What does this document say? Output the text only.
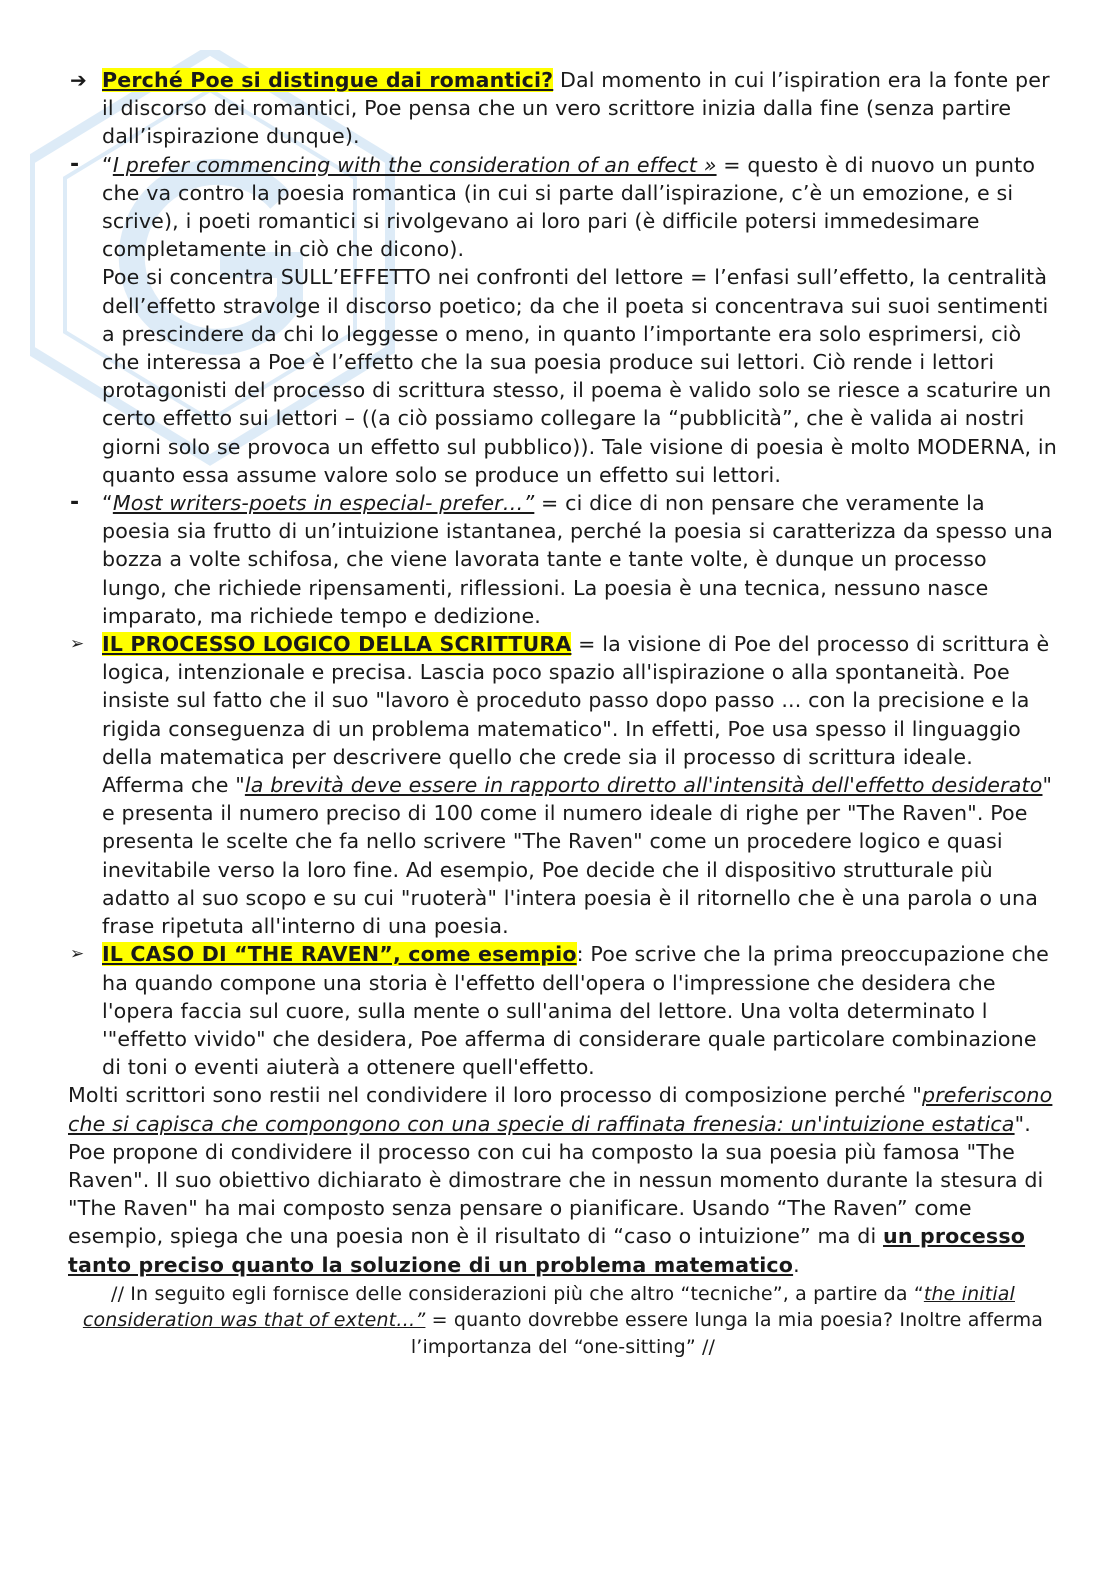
➔ Perché Poe si distingue dai romantici? Dal momento in cui l’ispiration era la fonte per il discorso dei romantici, Poe pensa che un vero scrittore inizia dalla fine (senza partire dall’ispirazione dunque).

-	“I prefer commencing with the consideration of an effect » = questo è di nuovo un punto che va contro la poesia romantica (in cui si parte dall’ispirazione, c’è un emozione, e si scrive), i poeti romantici si rivolgevano ai loro pari (è difficile potersi immedesimare completamente in ciò che dicono).

Poe si concentra SULL’EFFETTO nei confronti del lettore = l’enfasi sull’effetto, la centralità dell’effetto stravolge il discorso poetico; da che il poeta si concentrava sui suoi sentimenti a prescindere da chi lo leggesse o meno, in quanto l’importante era solo esprimersi, ciò che interessa a Poe è l’effetto che la sua poesia produce sui lettori. Ciò rende i lettori protagonisti del processo di scrittura stesso, il poema è valido solo se riesce a scaturire un certo effetto sui lettori – ((a ciò possiamo collegare la “pubblicità”, che è valida ai nostri giorni solo se provoca un effetto sul pubblico)). Tale visione di poesia è molto MODERNA, in quanto essa assume valore solo se produce un effetto sui lettori.

-	“Most writers-poets in especial- prefer…” = ci dice di non pensare che veramente la poesia sia frutto di un’intuizione istantanea, perché la poesia si caratterizza da spesso una bozza a volte schifosa, che viene lavorata tante e tante volte, è dunque un processo lungo, che richiede ripensamenti, riflessioni. La poesia è una tecnica, nessuno nasce imparato, ma richiede tempo e dedizione.

➢ IL PROCESSO LOGICO DELLA SCRITTURA = la visione di Poe del processo di scrittura è logica, intenzionale e precisa. Lascia poco spazio all'ispirazione o alla spontaneità. Poe insiste sul fatto che il suo "lavoro è proceduto passo dopo passo ... con la precisione e la rigida conseguenza di un problema matematico". In effetti, Poe usa spesso il linguaggio della matematica per descrivere quello che crede sia il processo di scrittura ideale. Afferma che "la brevità deve essere in rapporto diretto all'intensità dell'effetto desiderato" e presenta il numero preciso di 100 come il numero ideale di righe per "The Raven". Poe presenta le scelte che fa nello scrivere "The Raven" come un procedere logico e quasi inevitabile verso la loro fine. Ad esempio, Poe decide che il dispositivo strutturale più adatto al suo scopo e su cui "ruoterà" l'intera poesia è il ritornello che è una parola o una frase ripetuta all'interno di una poesia.

➢ IL CASO DI “THE RAVEN”, come esempio: Poe scrive che la prima preoccupazione che ha quando compone una storia è l'effetto dell'opera o l'impressione che desidera che l'opera faccia sul cuore, sulla mente o sull'anima del lettore. Una volta determinato l '"effetto vivido" che desidera, Poe afferma di considerare quale particolare combinazione di toni o eventi aiuterà a ottenere quell'effetto.

Molti scrittori sono restii nel condividere il loro processo di composizione perché "preferiscono che si capisca che compongono con una specie di raffinata frenesia: un'intuizione estatica". Poe propone di condividere il processo con cui ha composto la sua poesia più famosa "The Raven". Il suo obiettivo dichiarato è dimostrare che in nessun momento durante la stesura di "The Raven" ha mai composto senza pensare o pianificare. Usando “The Raven” come esempio, spiega che una poesia non è il risultato di “caso o intuizione” ma di un processo tanto preciso quanto la soluzione di un problema matematico.

// In seguito egli fornisce delle considerazioni più che altro “tecniche”, a partire da “the initial consideration was that of extent…” = quanto dovrebbe essere lunga la mia poesia? Inoltre afferma l’importanza del “one-sitting” //
